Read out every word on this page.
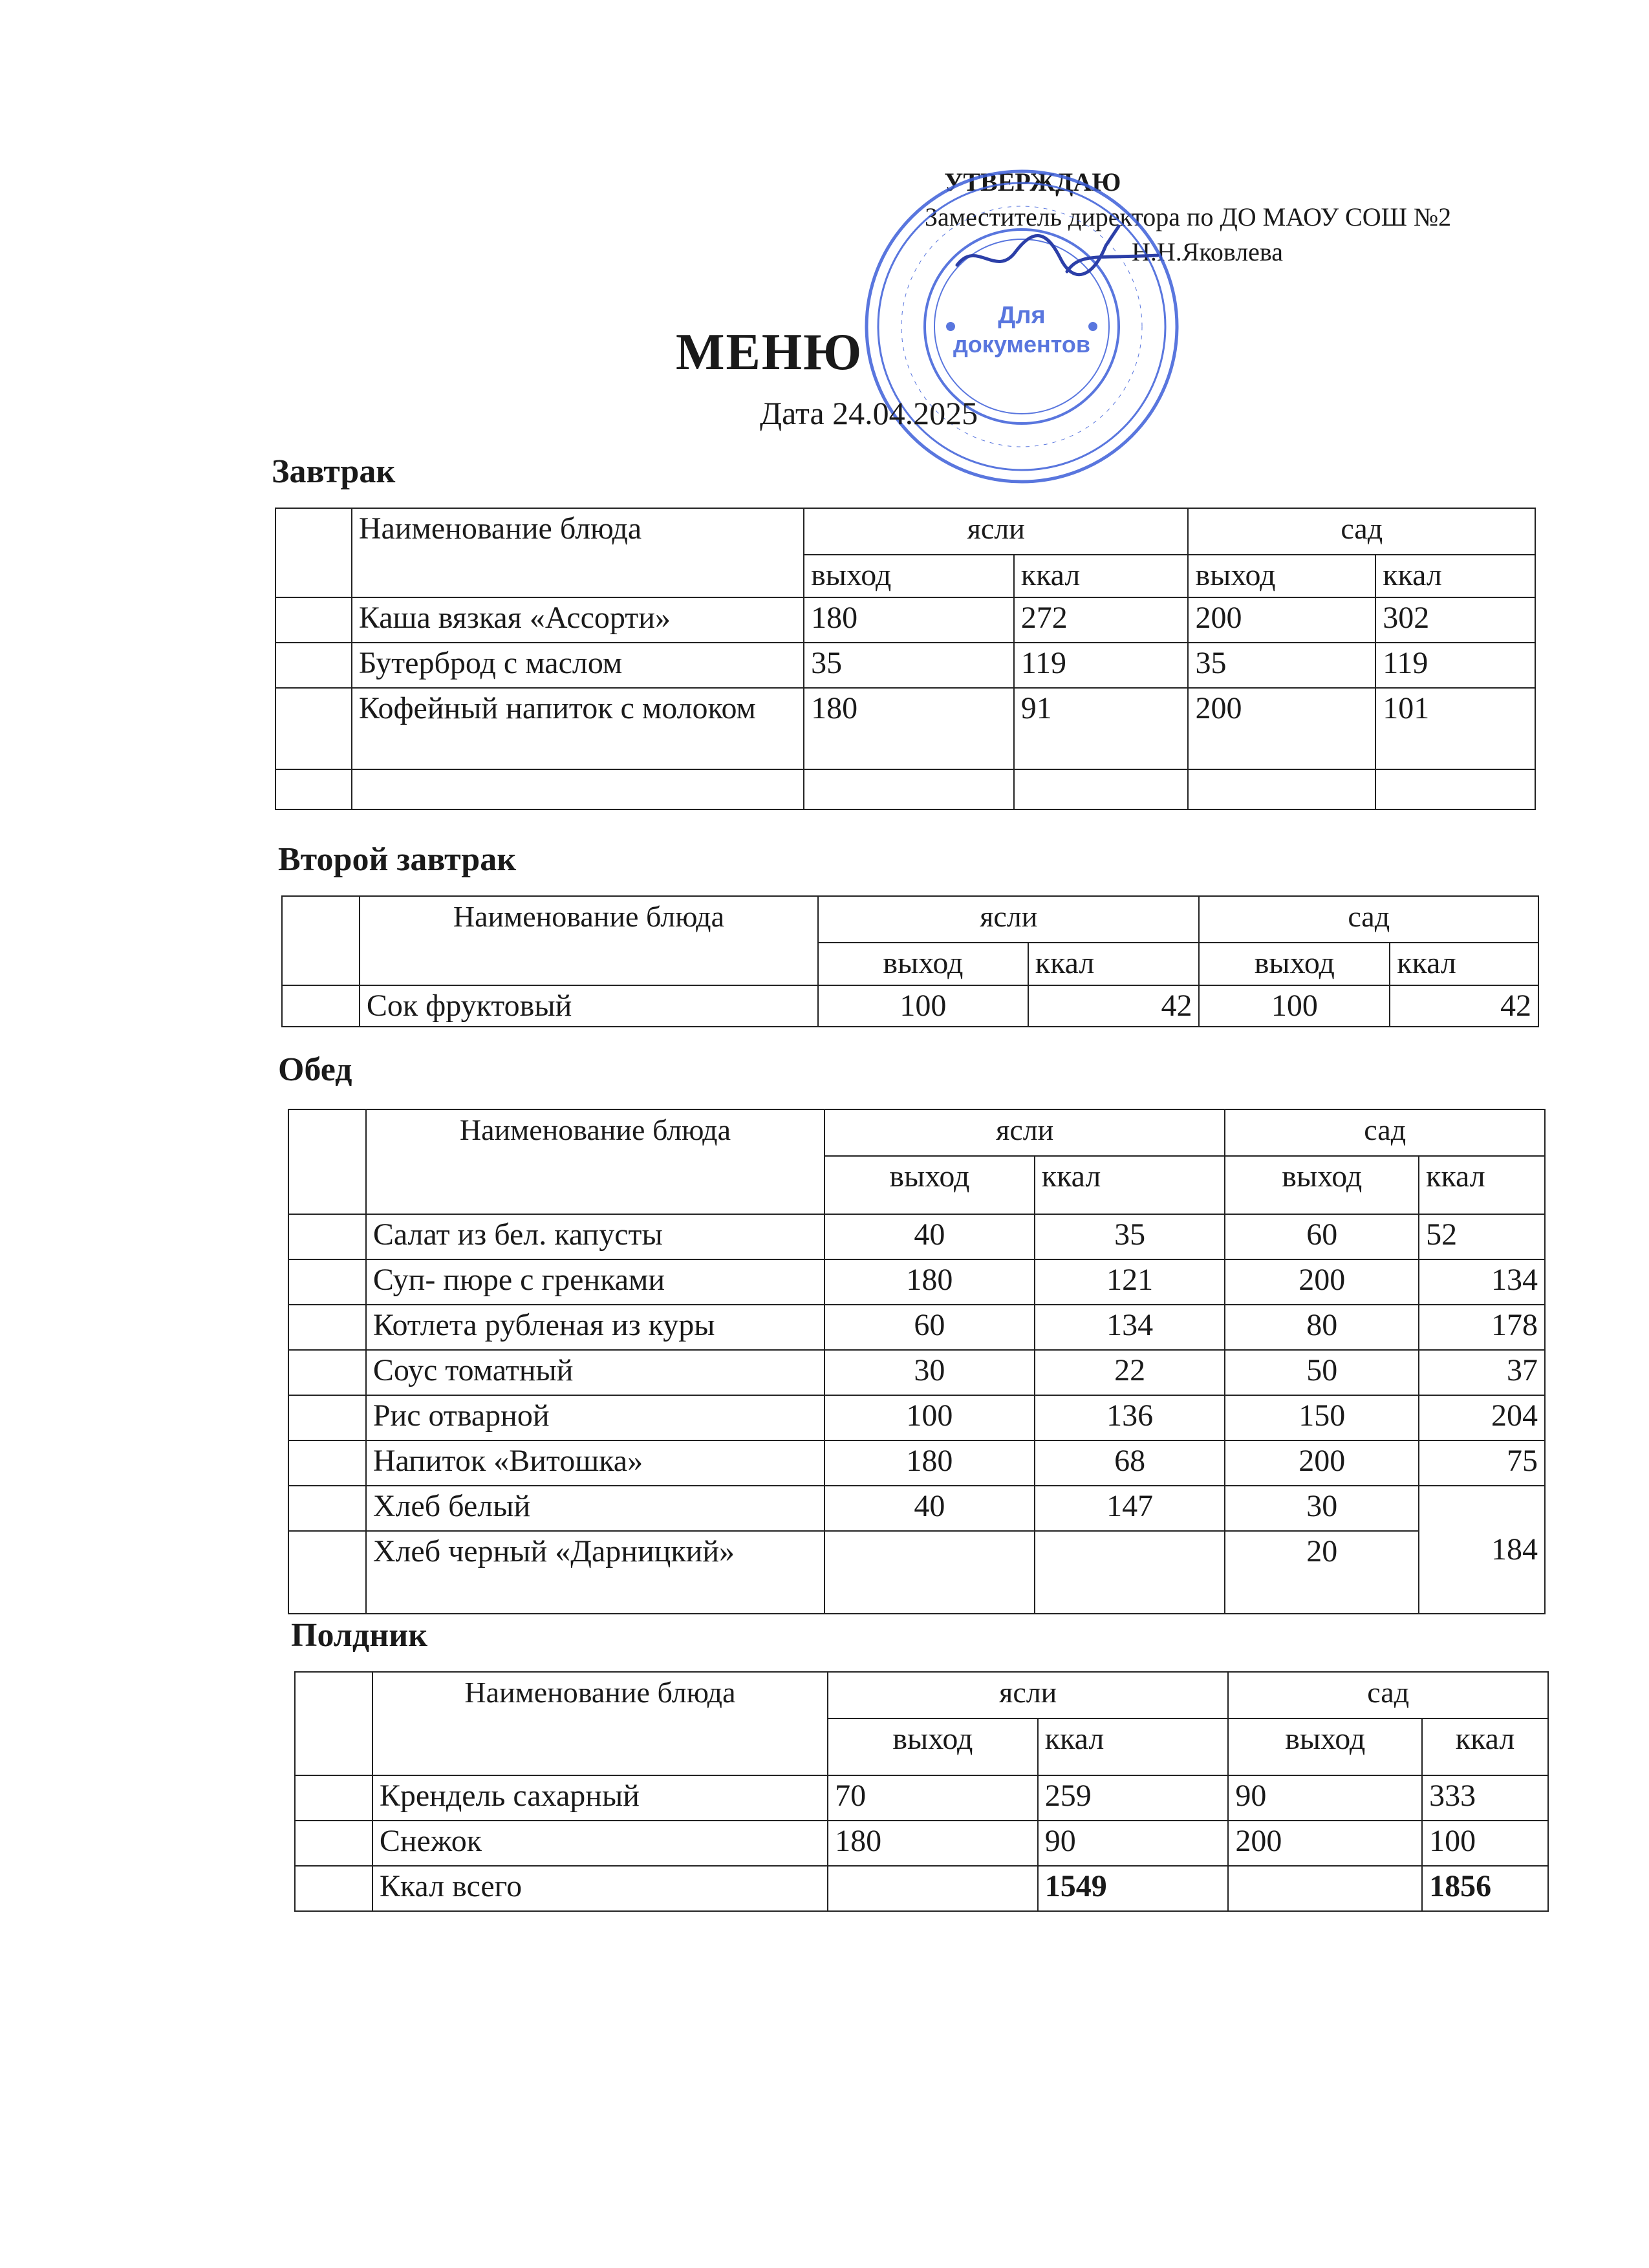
УТВЕРЖДАЮ
Заместитель директора по ДО МАОУ СОШ №2
Н.Н.Яковлева
Для
документов
МЕНЮ
Дата 24.04.2025
Завтрак
	Наименование блюда	ясли		сад	
		выход	ккал	выход	ккал
	Каша вязкая «Ассорти»	180	272	200	302
	Бутерброд с маслом	35	119	35	119
	Кофейный напиток с молоком	180	91	200	101

Второй завтрак
	Наименование блюда	ясли		сад	
		выход	ккал	выход	ккал
	Сок фруктовый	100	42	100	42
Обед
	Наименование блюда	ясли		сад	
		выход	ккал	выход	ккал
	Салат из бел. капусты	40	35	60	52
	Суп- пюре с гренками	180	121	200	134
	Котлета рубленая из куры	60	134	80	178
	Соус томатный	30	22	50	37
	Рис отварной	100	136	150	204
	Напиток «Витошка»	180	68	200	75
	Хлеб белый	40	147	30	184
	Хлеб черный «Дарницкий»			20	
Полдник
	Наименование блюда	ясли		сад	
		выход	ккал	выход	ккал
	Крендель сахарный	70	259	90	333
	Снежок	180	90	200	100
	Ккал всего		1549		1856
